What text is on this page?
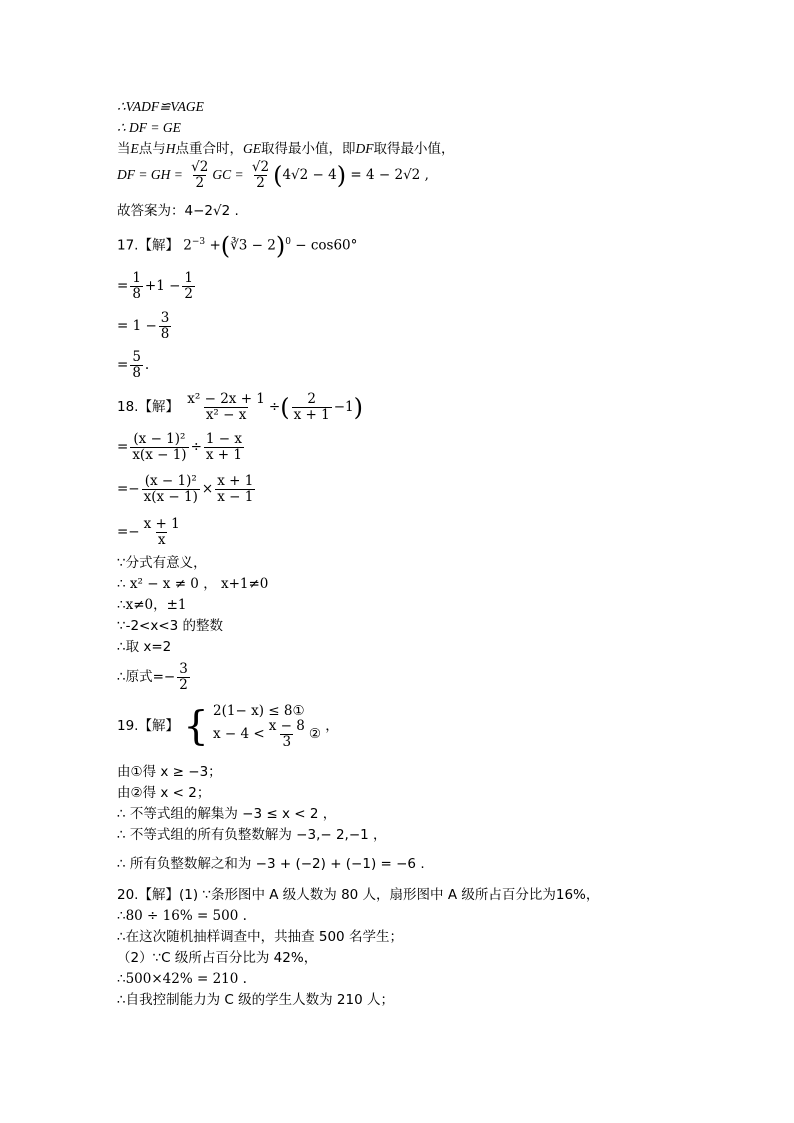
∴VADF≌VAGE
∴ DF = GE
当E点与H点重合时，GE取得最小值，即DF取得最小值，
DF = GH = $\frac{√2}{2}$ GC = $\frac{√2}{2} (4√2 - 4) = 4 - 2√2$ ,
故答案为：4−2√2 .
17.【解】 $2^{-3}$ +(∛3 − 2)$^0$ − cos60°
= $\frac{1}{8} +1 - \frac{1}{2}$
= $1 - \frac{3}{8}$
= $\frac{5}{8}$ .
18.【解】 $\frac{\text{x² − 2x + 1}}{\text{x² − x}}$ ÷( $\frac{2}{x + 1} -1$)
= $\frac{\text{(x − 1)²}}{x(x - 1)} \div \frac{1 - x}{x + 1}$
=− $\frac{\text{(x − 1)²}}{x(x - 1)} \times \frac{x + 1}{x - 1}$
=− $\frac{x + 1}{x}$
∵分式有意义，
∴ x² − x ≠ 0 ， x+1≠0
∴x≠0，±1
∵-2<x<3 的整数
∴取 x=2
∴原式=− $\frac{3}{2}$
19.【解】 { 2(1− x) ≤ 8①
$x - 4 < \frac{x - 8}{3}$ ②
，
由①得 x ≥ −3；
由②得 x < 2；
∴ 不等式组的解集为 −3 ≤ x < 2 ，
∴ 不等式组的所有负整数解为 −3,− 2,−1 ，
∴ 所有负整数解之和为 −3 + (−2) + (−1) = −6 .
20.【解】(1) ∵条形图中 A 级人数为 80 人，扇形图中 A 级所占百分比为16%，
∴80 ÷ 16% = 500 .
∴在这次随机抽样调查中，共抽查 500 名学生；
（2）∵C 级所占百分比为 42%，
∴500×42% = 210 .
∴自我控制能力为 C 级的学生人数为 210 人；
